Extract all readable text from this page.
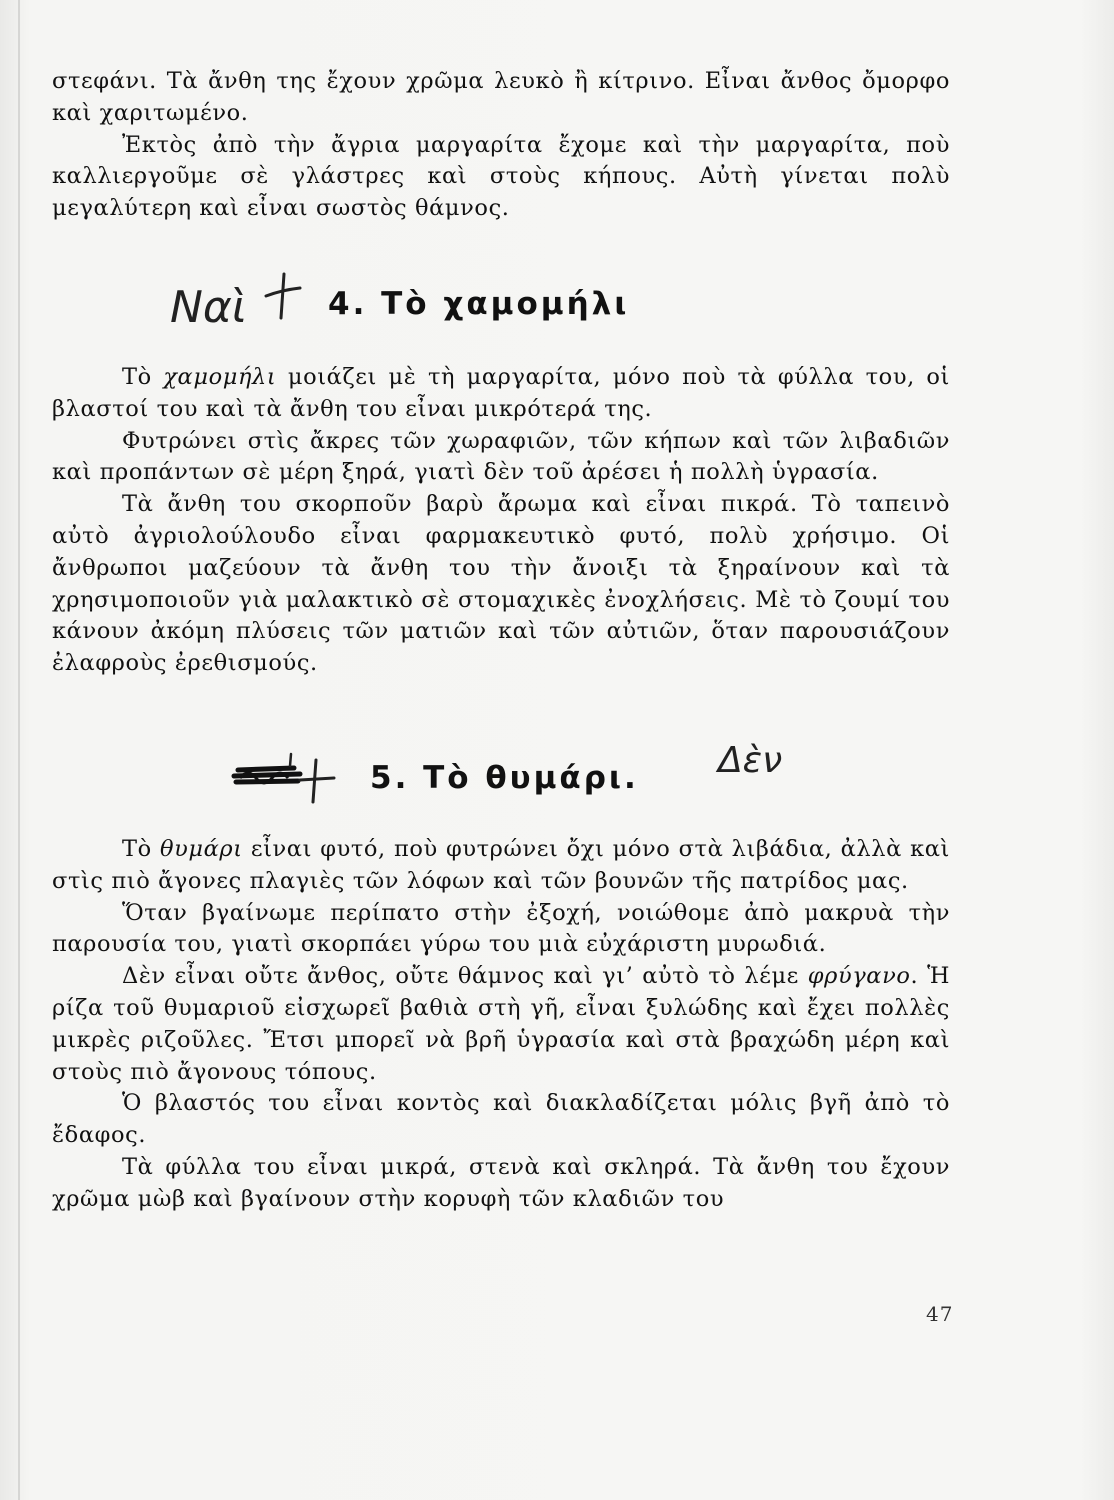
στεφάνι. Τὰ ἄνθη της ἔχουν χρῶμα λευκὸ ἢ κίτρινο. Εἶναι ἄνθος ὄμορφο καὶ χαριτωμένο.

Ἐκτὸς ἀπὸ τὴν ἄγρια μαργαρίτα ἔχομε καὶ τὴν μαργαρίτα, ποὺ καλλιεργοῦμε σὲ γλάστρες καὶ στοὺς κήπους. Αὐτὴ γίνεται πολὺ μεγαλύτερη καὶ εἶναι σωστὸς θάμνος.

Ναὶ	4. Τὸ χαμομήλι

Τὸ χαμομήλι μοιάζει μὲ τὴ μαργαρίτα, μόνο ποὺ τὰ φύλλα του, οἱ βλαστοί του καὶ τὰ ἄνθη του εἶναι μικρότερά της.

Φυτρώνει στὶς ἄκρες τῶν χωραφιῶν, τῶν κήπων καὶ τῶν λιβαδιῶν καὶ προπάντων σὲ μέρη ξηρά, γιατὶ δὲν τοῦ ἀρέσει ἡ πολλὴ ὑγρασία.

Τὰ ἄνθη του σκορποῦν βαρὺ ἄρωμα καὶ εἶναι πικρά. Τὸ ταπεινὸ αὐτὸ ἀγριολούλουδο εἶναι φαρμακευτικὸ φυτό, πολὺ χρήσιμο. Οἱ ἄνθρωποι μαζεύουν τὰ ἄνθη του τὴν ἄνοιξι τὰ ξηραίνουν καὶ τὰ χρησιμοποιοῦν γιὰ μαλακτικὸ σὲ στομαχικὲς ἐνοχλήσεις. Μὲ τὸ ζουμί του κάνουν ἀκόμη πλύσεις τῶν ματιῶν καὶ τῶν αὐτιῶν, ὅταν παρουσιάζουν ἐλαφροὺς ἐρεθισμούς.

5. Τὸ θυμάρι. Δὲν

Τὸ θυμάρι εἶναι φυτό, ποὺ φυτρώνει ὄχι μόνο στὰ λιβάδια, ἀλλὰ καὶ στὶς πιὸ ἄγονες πλαγιὲς τῶν λόφων καὶ τῶν βουνῶν τῆς πατρίδος μας.

Ὅταν βγαίνωμε περίπατο στὴν ἐξοχή, νοιώθομε ἀπὸ μακρυὰ τὴν παρουσία του, γιατὶ σκορπάει γύρω του μιὰ εὐχάριστη μυρωδιά.

Δὲν εἶναι οὔτε ἄνθος, οὔτε θάμνος καὶ γι’ αὐτὸ τὸ λέμε φρύγανο. Ἡ ρίζα τοῦ θυμαριοῦ εἰσχωρεῖ βαθιὰ στὴ γῆ, εἶναι ξυλώδης καὶ ἔχει πολλὲς μικρὲς ριζοῦλες. Ἔτσι μπορεῖ νὰ βρῆ ὑγρασία καὶ στὰ βραχώδη μέρη καὶ στοὺς πιὸ ἄγονους τόπους.

Ὁ βλαστός του εἶναι κοντὸς καὶ διακλαδίζεται μόλις βγῆ ἀπὸ τὸ ἔδαφος.

Τὰ φύλλα του εἶναι μικρά, στενὰ καὶ σκληρά. Τὰ ἄνθη του ἔχουν χρῶμα μὼβ καὶ βγαίνουν στὴν κορυφὴ τῶν κλαδιῶν του

47
